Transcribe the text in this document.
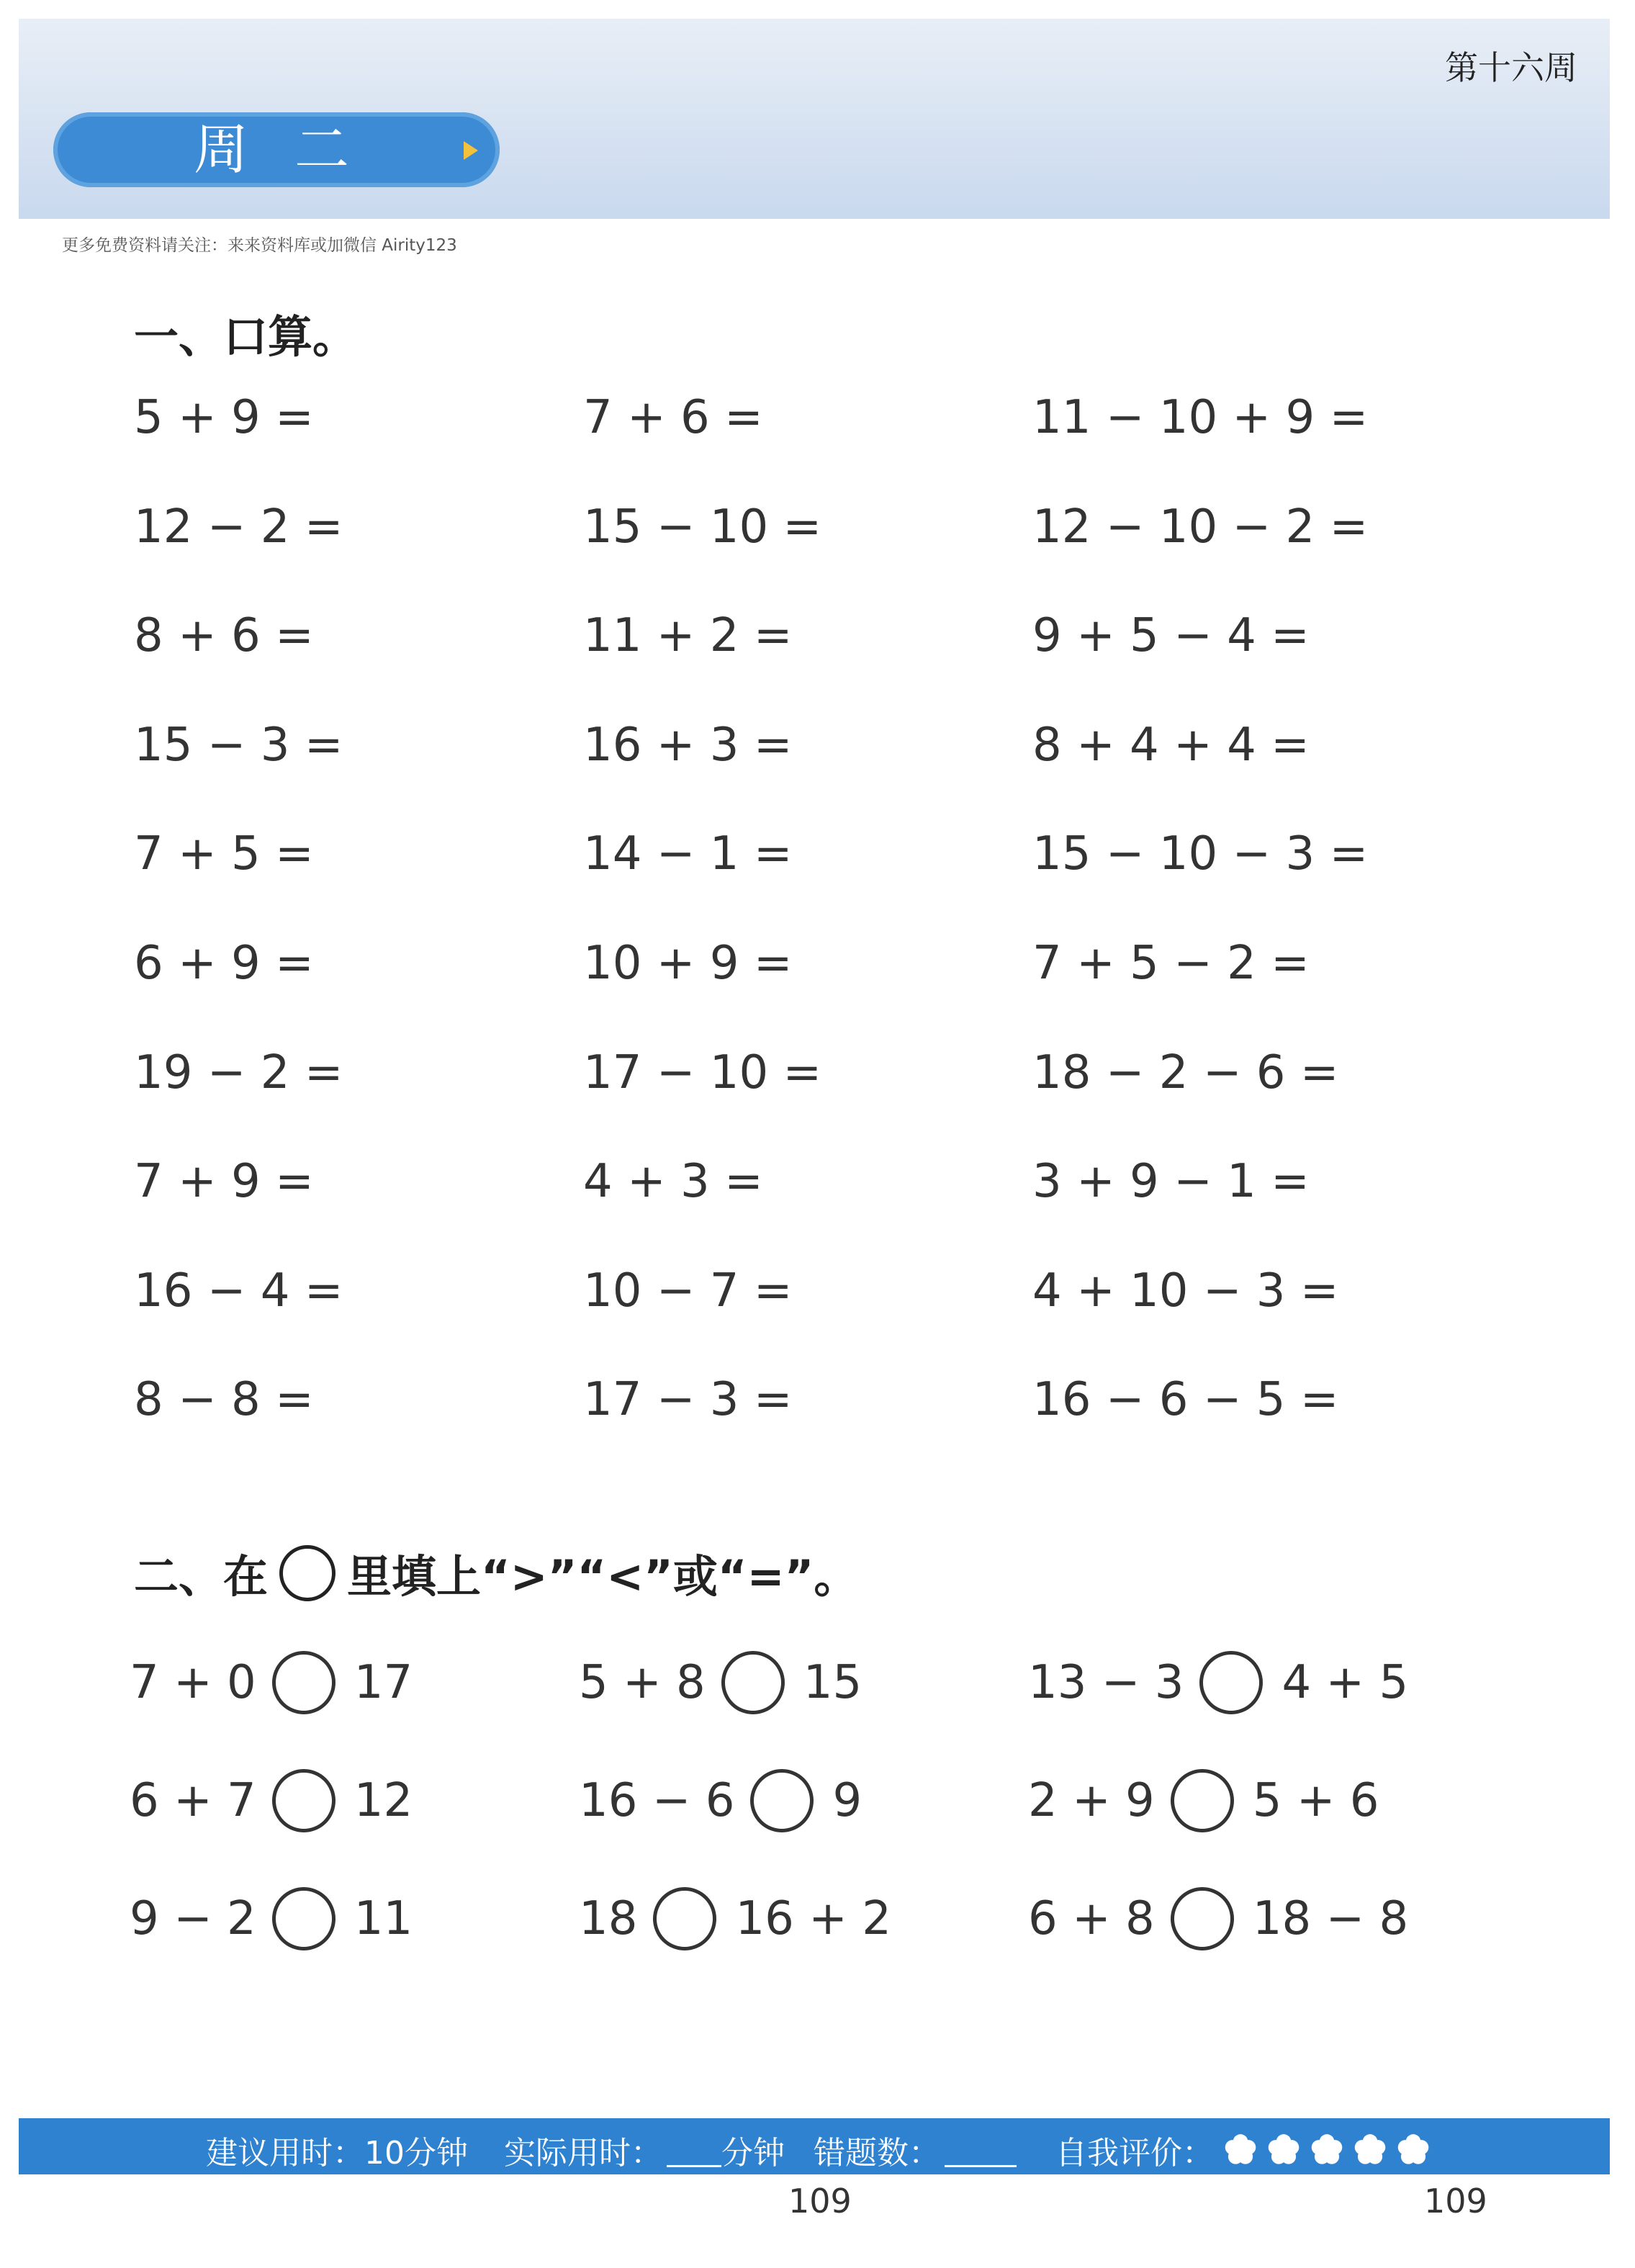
第十六周
周二
更多免费资料请关注：来来资料库或加微信 Airity123
一、口算。
5 + 9 =	7 + 6 =	11 − 10 + 9 =
12 − 2 =	15 − 10 =	12 − 10 − 2 =
8 + 6 =	11 + 2 =	9 + 5 − 4 =
15 − 3 =	16 + 3 =	8 + 4 + 4 =
7 + 5 =	14 − 1 =	15 − 10 − 3 =
6 + 9 =	10 + 9 =	7 + 5 − 2 =
19 − 2 =	17 − 10 =	18 − 2 − 6 =
7 + 9 =	4 + 3 =	3 + 9 − 1 =
16 − 4 =	10 − 7 =	4 + 10 − 3 =
8 − 8 =	17 − 3 =	16 − 6 − 5 =
二、在 里填上“>”“<”或“=”。
7 + 0 17	5 + 8 15	13 − 3 4 + 5
6 + 7 12	16 − 6 9	2 + 9 5 + 6
9 − 2 11	18 16 + 2	6 + 8 18 − 8
建议用时：10分钟 实际用时： 分钟 错题数：	自我评价：
109	109
